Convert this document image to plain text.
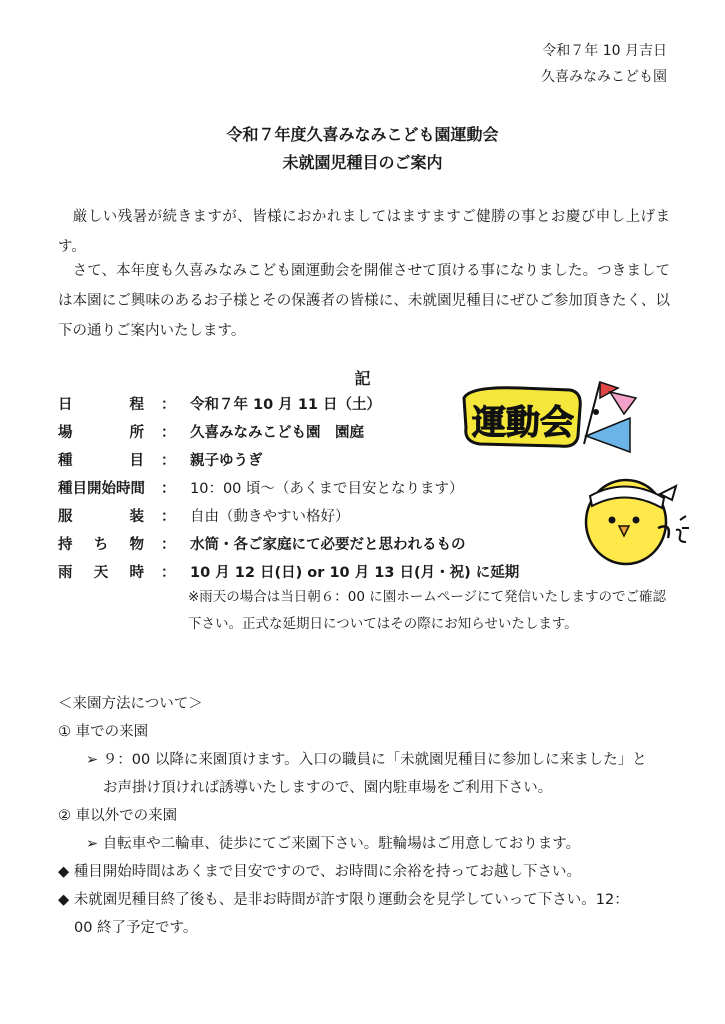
令和７年 10 月吉日
久喜みなみこども園
令和７年度久喜みなみこども園運動会
未就園児種目のご案内
　厳しい残暑が続きますが、皆様におかれましてはますますご健勝の事とお慶び申し上げます。
　さて、本年度も久喜みなみこども園運動会を開催させて頂ける事になりました。つきましては本園にご興味のあるお子様とその保護者の皆様に、未就園児種目にぜひご参加頂きたく、以下の通りご案内いたします。
記
日	程 ： 令和７年 10 月 11 日（土）
場	所 ： 久喜みなみこども園　園庭
種	目 ： 親子ゆうぎ
種目開始時間 ： 10：00 頃〜（あくまで目安となります）
服	装 ： 自由（動きやすい格好）
持 ち 物 ： 水筒・各ご家庭にて必要だと思われるもの
雨 天 時 ： 10 月 12 日(日) or 10 月 13 日(月・祝) に延期
※雨天の場合は当日朝６：00 に園ホームページにて発信いたしますのでご確認下さい。正式な延期日についてはその際にお知らせいたします。
＜来園方法について＞
① 車での来園
➢ ９：00 以降に来園頂けます。入口の職員に「未就園児種目に参加しに来ました」と
お声掛け頂ければ誘導いたしますので、園内駐車場をご利用下さい。
② 車以外での来園
➢ 自転車や二輪車、徒歩にてご来園下さい。駐輪場はご用意しております。
◆ 種目開始時間はあくまで目安ですので、お時間に余裕を持ってお越し下さい。
◆ 未就園児種目終了後も、是非お時間が許す限り運動会を見学していって下さい。12：
00 終了予定です。
運動会
